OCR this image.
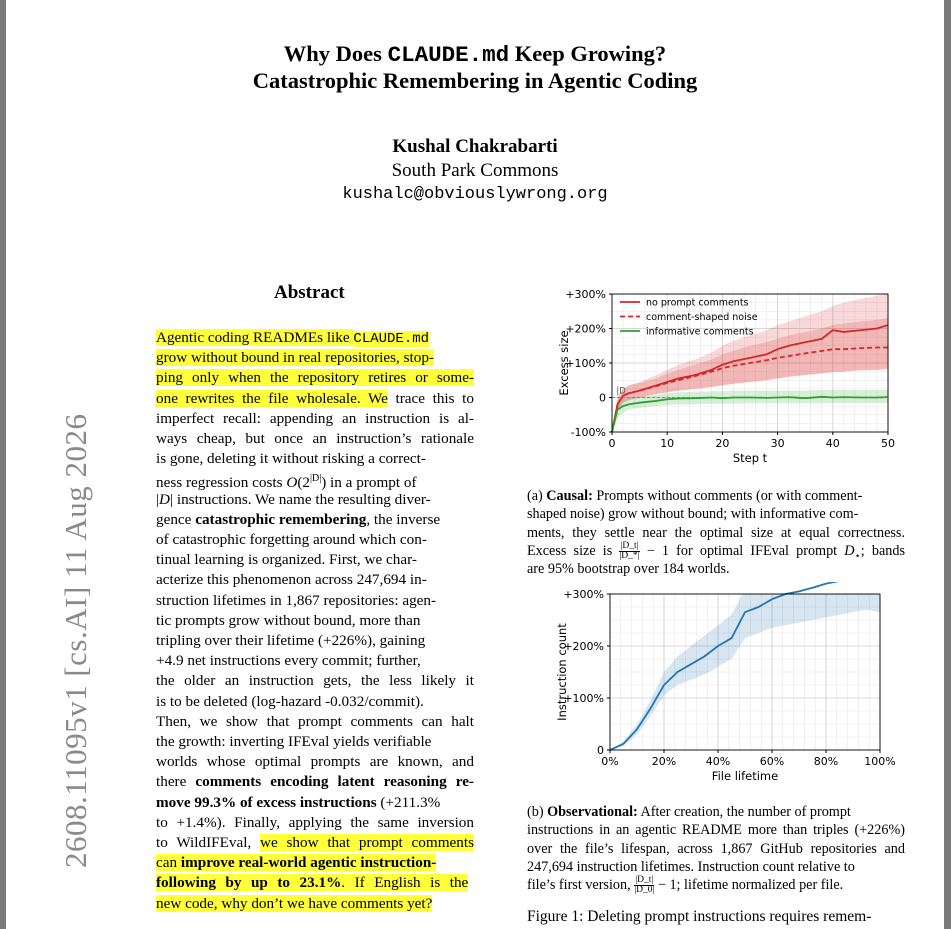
Why Does CLAUDE.md Keep Growing?
Catastrophic Remembering in Agentic Coding
Kushal Chakrabarti
South Park Commons
kushalc@obviouslywrong.org
2608.11095v1 [cs.AI] 11 Aug 2026
Abstract
0	10	20	30	40	50
-100%
0
+100%
+200%
+300%
Step t
Excess size	|D
no prompt comments
comment-shaped noise
informative comments
0%	20%	40%	60%	80% 100%
0
+100%
+200%
+300%
File lifetime
Instruction count
Figure 1: Deleting prompt instructions requires remem-
Agentic coding READMEs like CLAUDE.md
grow without bound in real repositories, stop-
ping only when the repository retires or some-
one rewrites the file wholesale. We trace this to
imperfect recall: appending an instruction is al-
ways cheap, but once an instruction’s rationale
is gone, deleting it without risking a correct-
ness regression costs $O(2^{|D|})$ in a prompt of
|D| instructions. We name the resulting diver-
gence catastrophic remembering, the inverse
of catastrophic forgetting around which con-
tinual learning is organized. First, we char-
acterize this phenomenon across 247,694 in-
struction lifetimes in 1,867 repositories: agen-
tic prompts grow without bound, more than
tripling over their lifetime (+226%), gaining
+4.9 net instructions every commit; further,
the older an instruction gets, the less likely it
is to be deleted (log-hazard -0.032/commit).
Then, we show that prompt comments can halt
the growth: inverting IFEval yields verifiable
worlds whose optimal prompts are known, and
there comments encoding latent reasoning re-
move 99.3% of excess instructions (+211.3%
to +1.4%). Finally, applying the same inversion
to WildIFEval, we show that prompt comments
can improve real-world agentic instruction-
following by up to 23.1%. If English is the
new code, why don’t we have comments yet?
(a) Causal: Prompts without comments (or with comment-
shaped noise) grow without bound; with informative com-
ments, they settle near the optimal size at equal correctness.
Excess size is $\frac{|D\_t|}{|D\_*|} - 1$ for optimal IFEval prompt $D_⋆$; bands
are 95% bootstrap over 184 worlds.
(b) Observational: After creation, the number of prompt
instructions in an agentic README more than triples (+226%)
over the file’s lifespan, across 1,867 GitHub repositories and
247,694 instruction lifetimes. Instruction count relative to
file’s first version, $\frac{|D\_t|}{|D\_0|} - 1$; lifetime normalized per file.
